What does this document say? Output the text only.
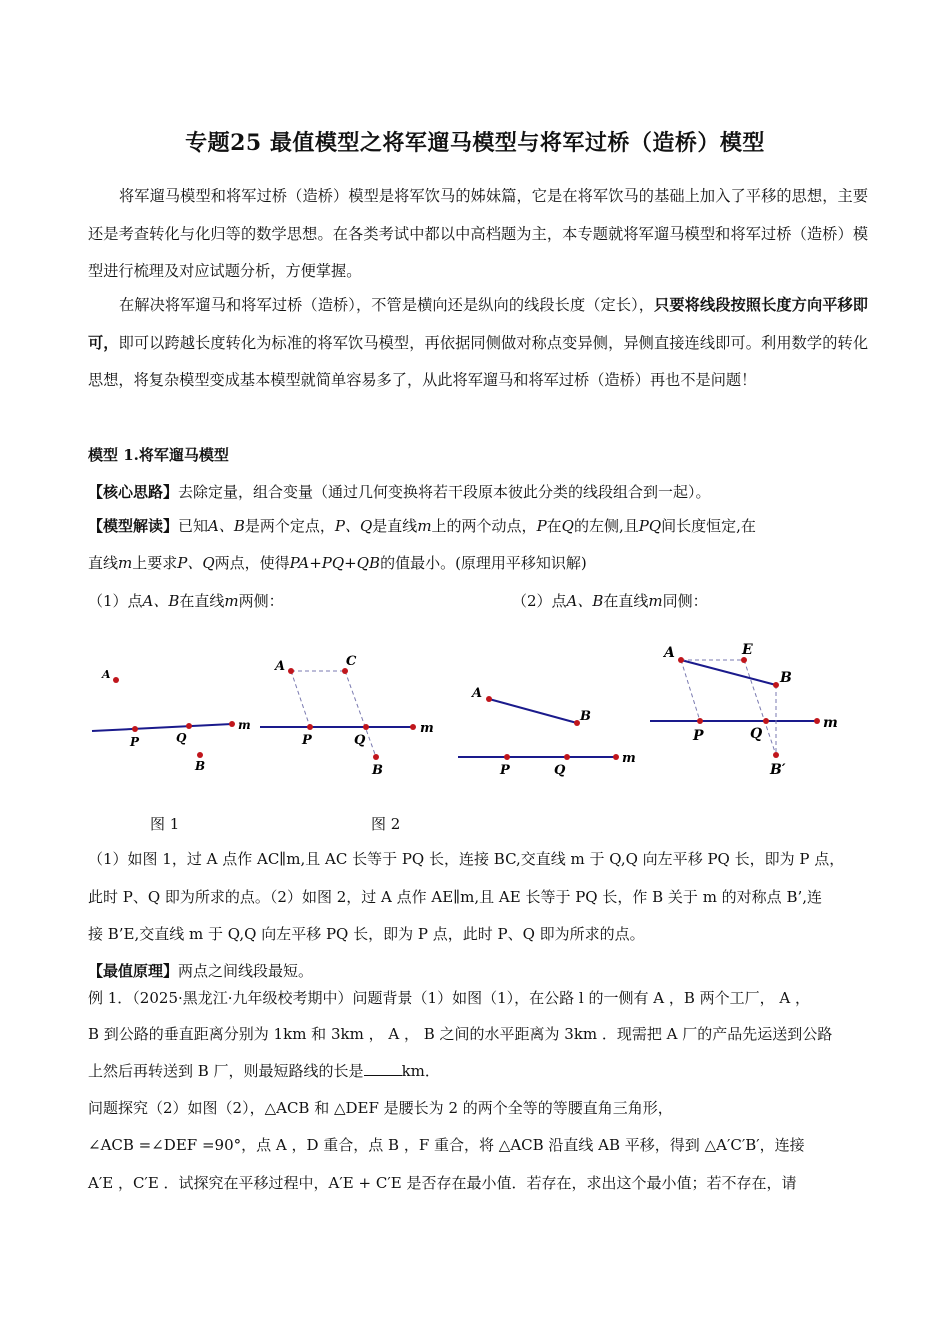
专题25 最值模型之将军遛马模型与将军过桥（造桥）模型
将军遛马模型和将军过桥（造桥）模型是将军饮马的姊妹篇，它是在将军饮马的基础上加入了平移的思想，主要还是考查转化与化归等的数学思想。在各类考试中都以中高档题为主，本专题就将军遛马模型和将军过桥（造桥）模型进行梳理及对应试题分析，方便掌握。
在解决将军遛马和将军过桥（造桥），不管是横向还是纵向的线段长度（定长），只要将线段按照长度方向平移即可，即可以跨越长度转化为标准的将军饮马模型，再依据同侧做对称点变异侧，异侧直接连线即可。利用数学的转化思想，将复杂模型变成基本模型就简单容易多了，从此将军遛马和将军过桥（造桥）再也不是问题！
模型 1.将军遛马模型
【核心思路】去除定量，组合变量（通过几何变换将若干段原本彼此分类的线段组合到一起）。
【模型解读】已知A、B是两个定点，P、Q是直线m上的两个动点，P在Q的左侧,且PQ间长度恒定,在
直线m上要求P、Q两点，使得PA+PQ+QB的值最小。(原理用平移知识解)
（1）点A、B在直线m两侧：	（2）点A、B在直线m同侧：
A
P	Q
m
B
A	C
P	Q
m
B
A
B
P	Q
m
A	E
B
P	Q
m
B′
图 1	图 2
（1）如图 1，过 A 点作 AC∥m,且 AC 长等于 PQ 长，连接 BC,交直线 m 于 Q,Q 向左平移 PQ 长，即为 P 点，
此时 P、Q 即为所求的点。（2）如图 2，过 A 点作 AE∥m,且 AE 长等于 PQ 长，作 B 关于 m 的对称点 B’,连
接 B’E,交直线 m 于 Q,Q 向左平移 PQ 长，即为 P 点，此时 P、Q 即为所求的点。
【最值原理】两点之间线段最短。
例 1．（2025·黑龙江·九年级校考期中）问题背景（1）如图（1），在公路 l 的一侧有 A ，B 两个工厂， A ，
B 到公路的垂直距离分别为 1km 和 3km ， A ， B 之间的水平距离为 3km ．现需把 A 厂的产品先运送到公路
上然后再转送到 B 厂，则最短路线的长是	km．
问题探究（2）如图（2），△ACB 和 △DEF 是腰长为 2 的两个全等的等腰直角三角形，
∠ACB =∠DEF =90°，点 A ，D 重合，点 B ，F 重合，将 △ACB 沿直线 AB 平移，得到 △A′C′B′，连接
A′E ，C′E ．试探究在平移过程中，A′E + C′E 是否存在最小值．若存在，求出这个最小值；若不存在，请
